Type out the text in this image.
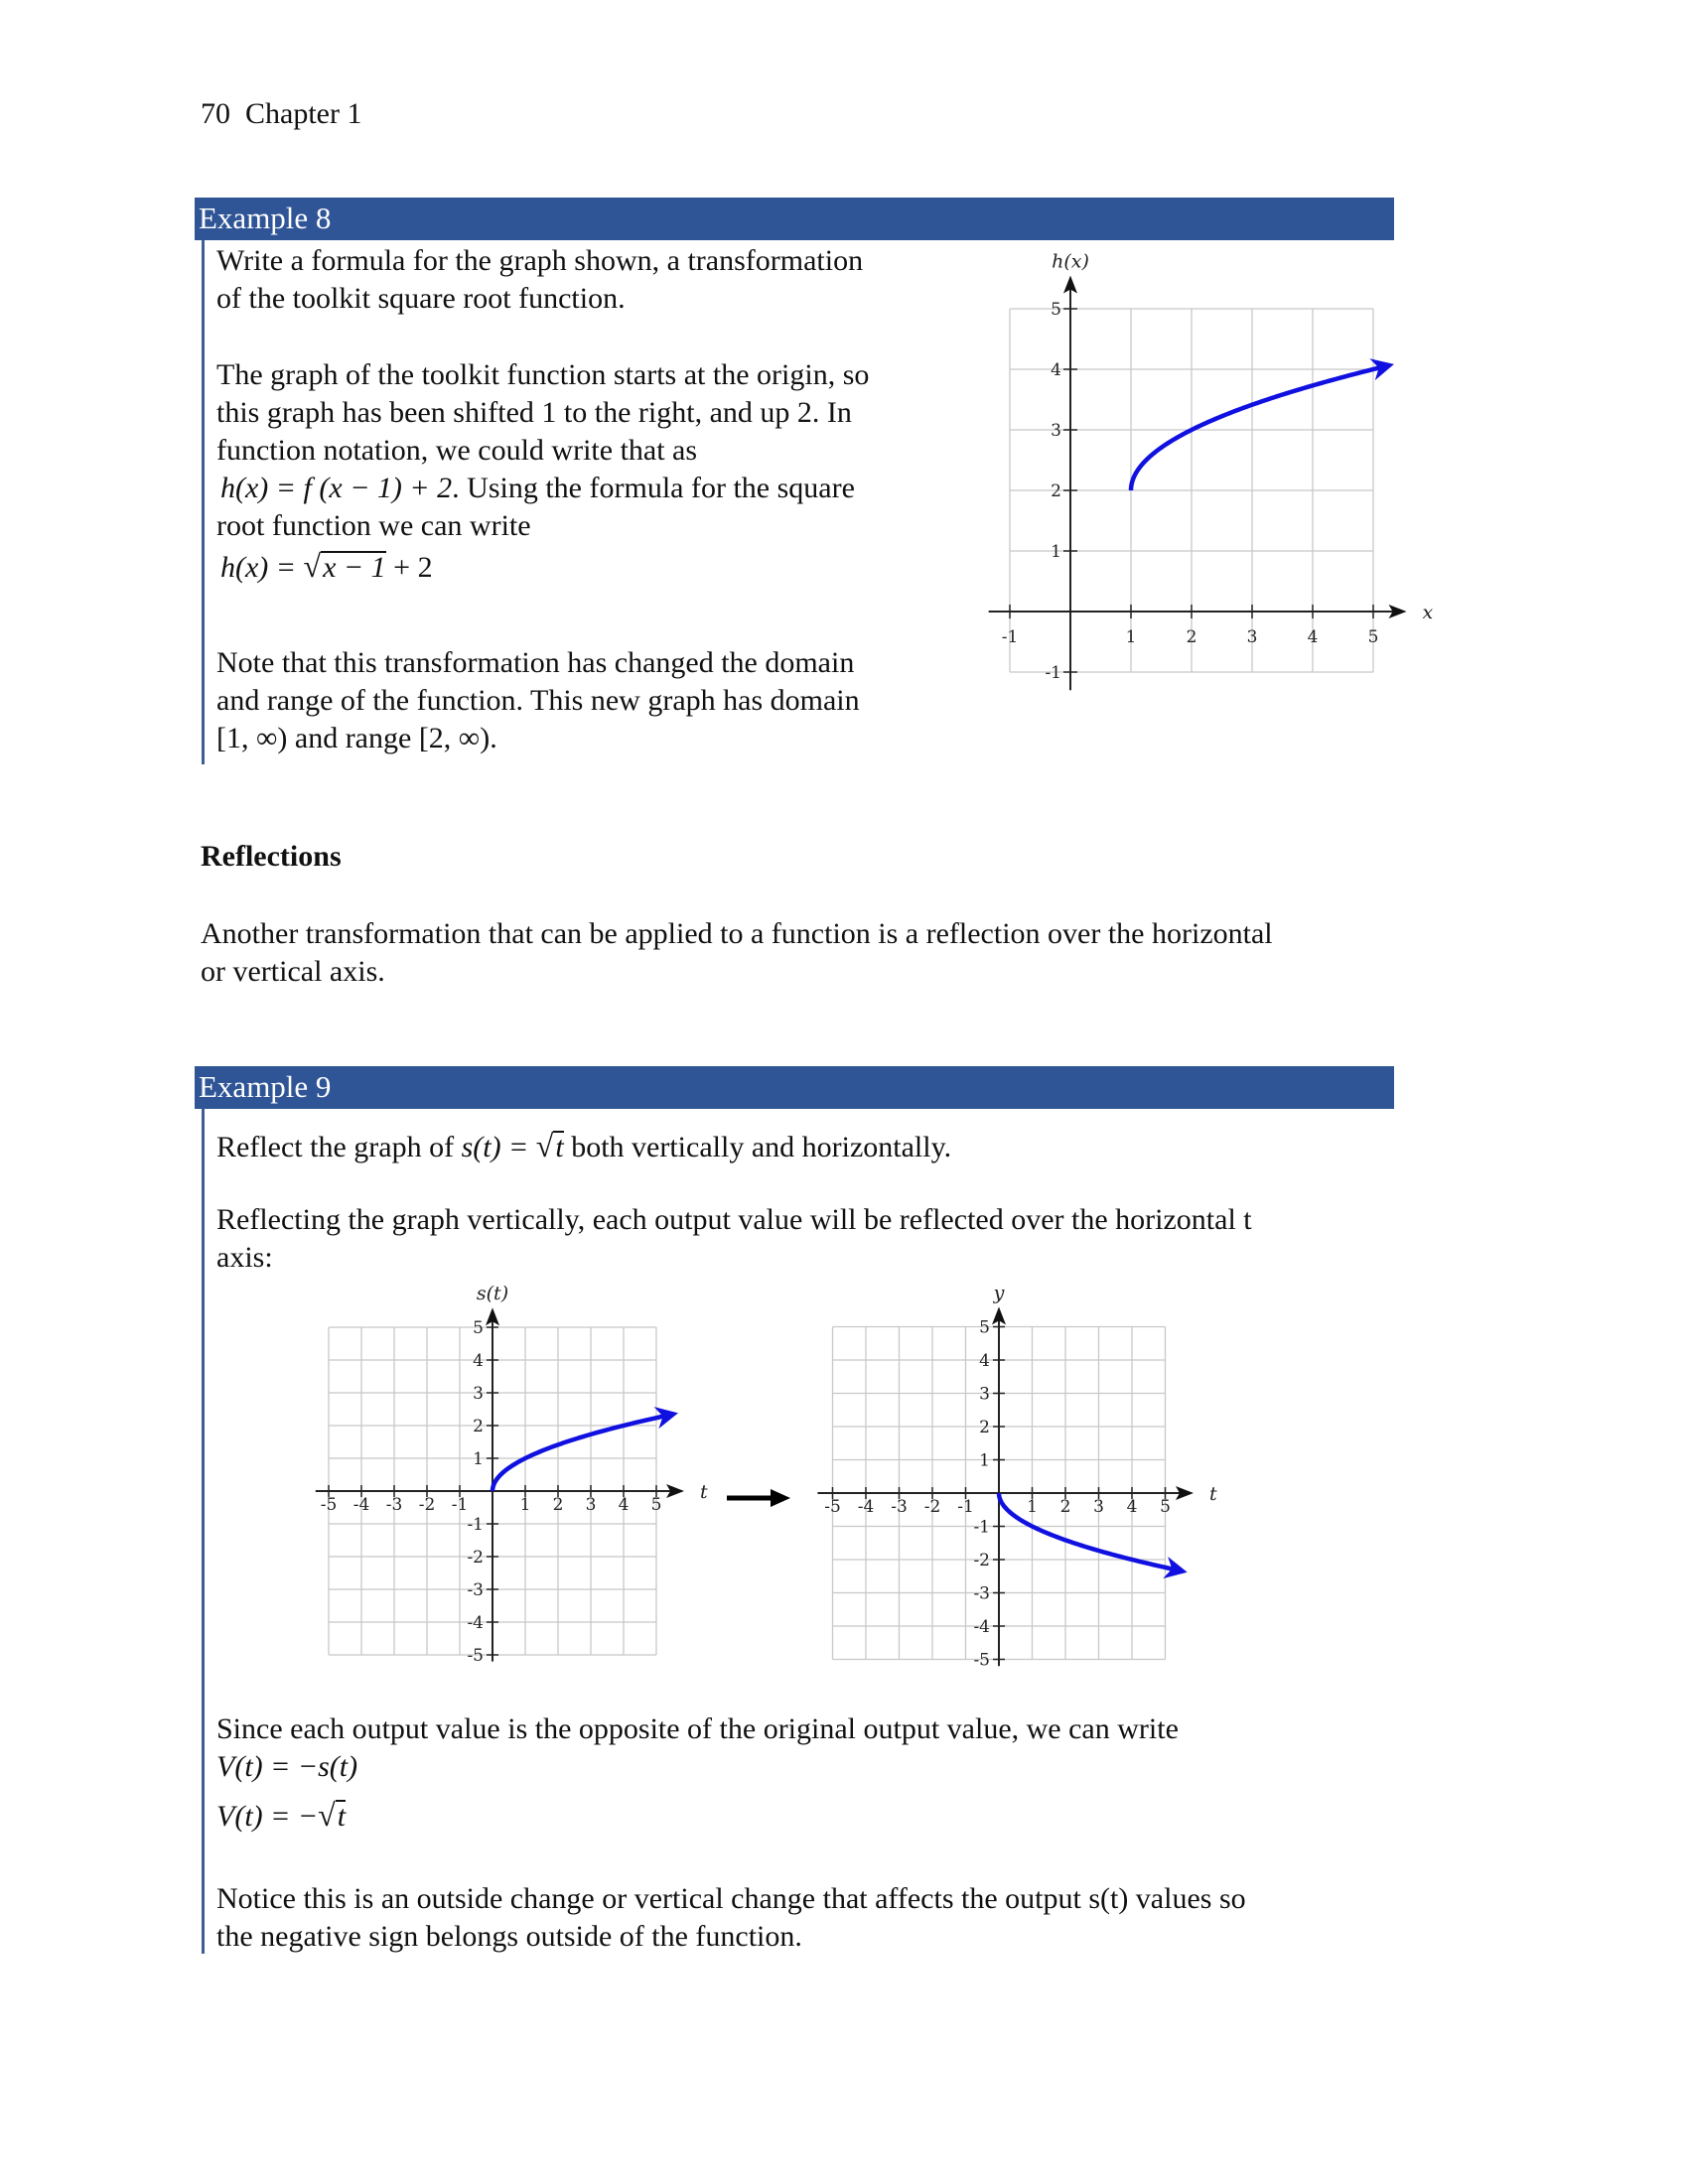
70 Chapter 1
Example 8
Write a formula for the graph shown, a transformation
of the toolkit square root function.
The graph of the toolkit function starts at the origin, so
this graph has been shifted 1 to the right, and up 2. In
function notation, we could write that as
h(x) = f (x − 1) + 2. Using the formula for the square
root function we can write
h(x) = √x − 1 + 2
Note that this transformation has changed the domain
and range of the function. This new graph has domain
[1, ∞) and range [2, ∞).
Reflections
Another transformation that can be applied to a function is a reflection over the horizontal
or vertical axis.
Example 9
Reflect the graph of s(t) = √t both vertically and horizontally.
Reflecting the graph vertically, each output value will be reflected over the horizontal t
axis:
Since each output value is the opposite of the original output value, we can write
V(t) = −s(t)
V(t) = −√t
Notice this is an outside change or vertical change that affects the output s(t) values so
the negative sign belongs outside of the function.
-1	1	2	3	4	5
-1
1
2
3
4
5
x
h(x)
-5 -4 -3 -2 -1	1 2 3 4 5
-5
-4
-3
-2
-1
1
2
3
4
5
t
s(t)
-5 -4 -3 -2 -1	1 2 3 4 5
-5
-4
-3
-2
-1
1
2
3
4
5
t
y
